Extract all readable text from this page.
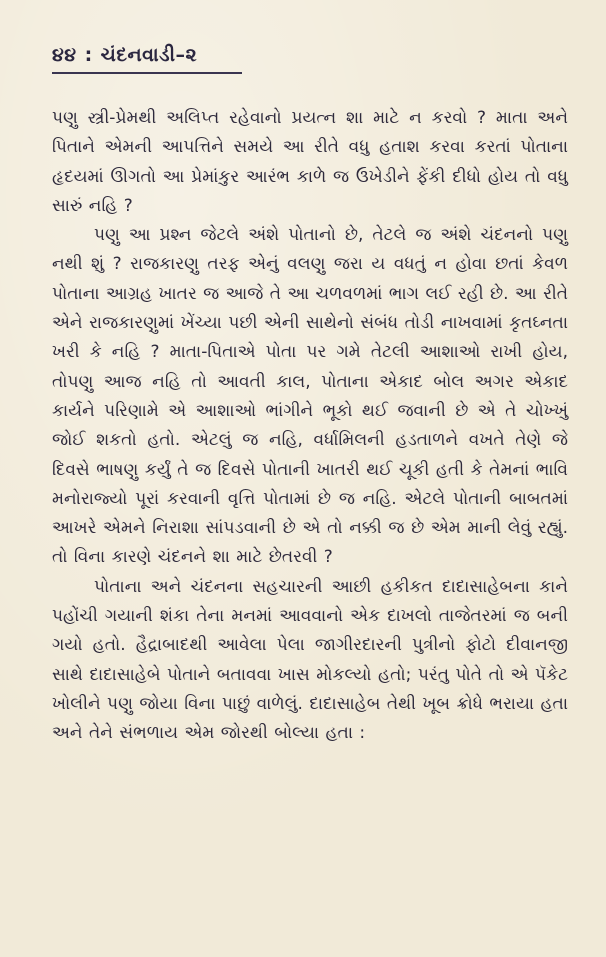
૪૪ : ચંદનવાડી–૨

પણુ સ્ત્રી-પ્રેમથી અલિપ્ત રહેવાનો પ્રયત્ન શા માટે ન કરવો ? માતા અને પિતાને એમની આપત્તિને સમયે આ રીતે વધુ હતાશ કરવા કરતાં પોતાના હૃદયમાં ઊગતો આ પ્રેમાંકુર આરંભ કાળે જ ઉખેડીને ફેંકી દીધો હોય તો વધુ સારું નહિ ?

પણુ આ પ્રશ્ન જેટલે અંશે પોતાનો છે, તેટલે જ અંશે ચંદનનો પણુ નથી શું ? રાજકારણુ તરફ એનું વલણુ જરા ય વધતું ન હોવા છતાં કેવળ પોતાના આગ્રહ ખાતર જ આજે તે આ ચળવળમાં ભાગ લઈ રહી છે. આ રીતે એને રાજકારણુમાં ખેંચ્યા પછી એની સાથેનો સંબંધ તોડી નાખવામાં કૃતઘ્નતા ખરી કે નહિ ? માતા-પિતાએ પોતા પર ગમે તેટલી આશાઓ રાખી હોય, તોપણુ આજ નહિ તો આવતી કાલ, પોતાના એકાદ બોલ અગર એકાદ કાર્યને પરિણામે એ આશાઓ ભાંગીને ભૂકો થઈ જવાની છે એ તે ચોખ્ખું જોઈ શકતો હતો. એટલું જ નહિ, વર્ધામિલની હડતાળને વખતે તેણે જે દિવસે ભાષણુ કર્યું તે જ દિવસે પોતાની ખાતરી થઈ ચૂકી હતી કે તેમનાં ભાવિ મનોરાજ્યો પૂરાં કરવાની વૃત્તિ પોતામાં છે જ નહિ. એટલે પોતાની બાબતમાં આખરે એમને નિરાશા સાંપડવાની છે એ તો નક્કી જ છે એમ માની લેવું રહ્યું. તો વિના કારણે ચંદનને શા માટે છેતરવી ?

પોતાના અને ચંદનના સહચારની આછી હકીકત દાદાસાહેબના કાને પહોંચી ગયાની શંકા તેના મનમાં આવવાનો એક દાખલો તાજેતરમાં જ બની ગયો હતો. હૈદ્રાબાદથી આવેલા પેલા જાગીરદારની પુત્રીનો ફોટો દીવાનજી સાથે દાદાસાહેબે પોતાને બતાવવા ખાસ મોકલ્યો હતો; પરંતુ પોતે તો એ પૅકેટ ખોલીને પણુ જોયા વિના પાછું વાળેલું. દાદાસાહેબ તેથી ખૂબ ક્રોધે ભરાયા હતા અને તેને સંભળાય એમ જોરથી બોલ્યા હતા :
